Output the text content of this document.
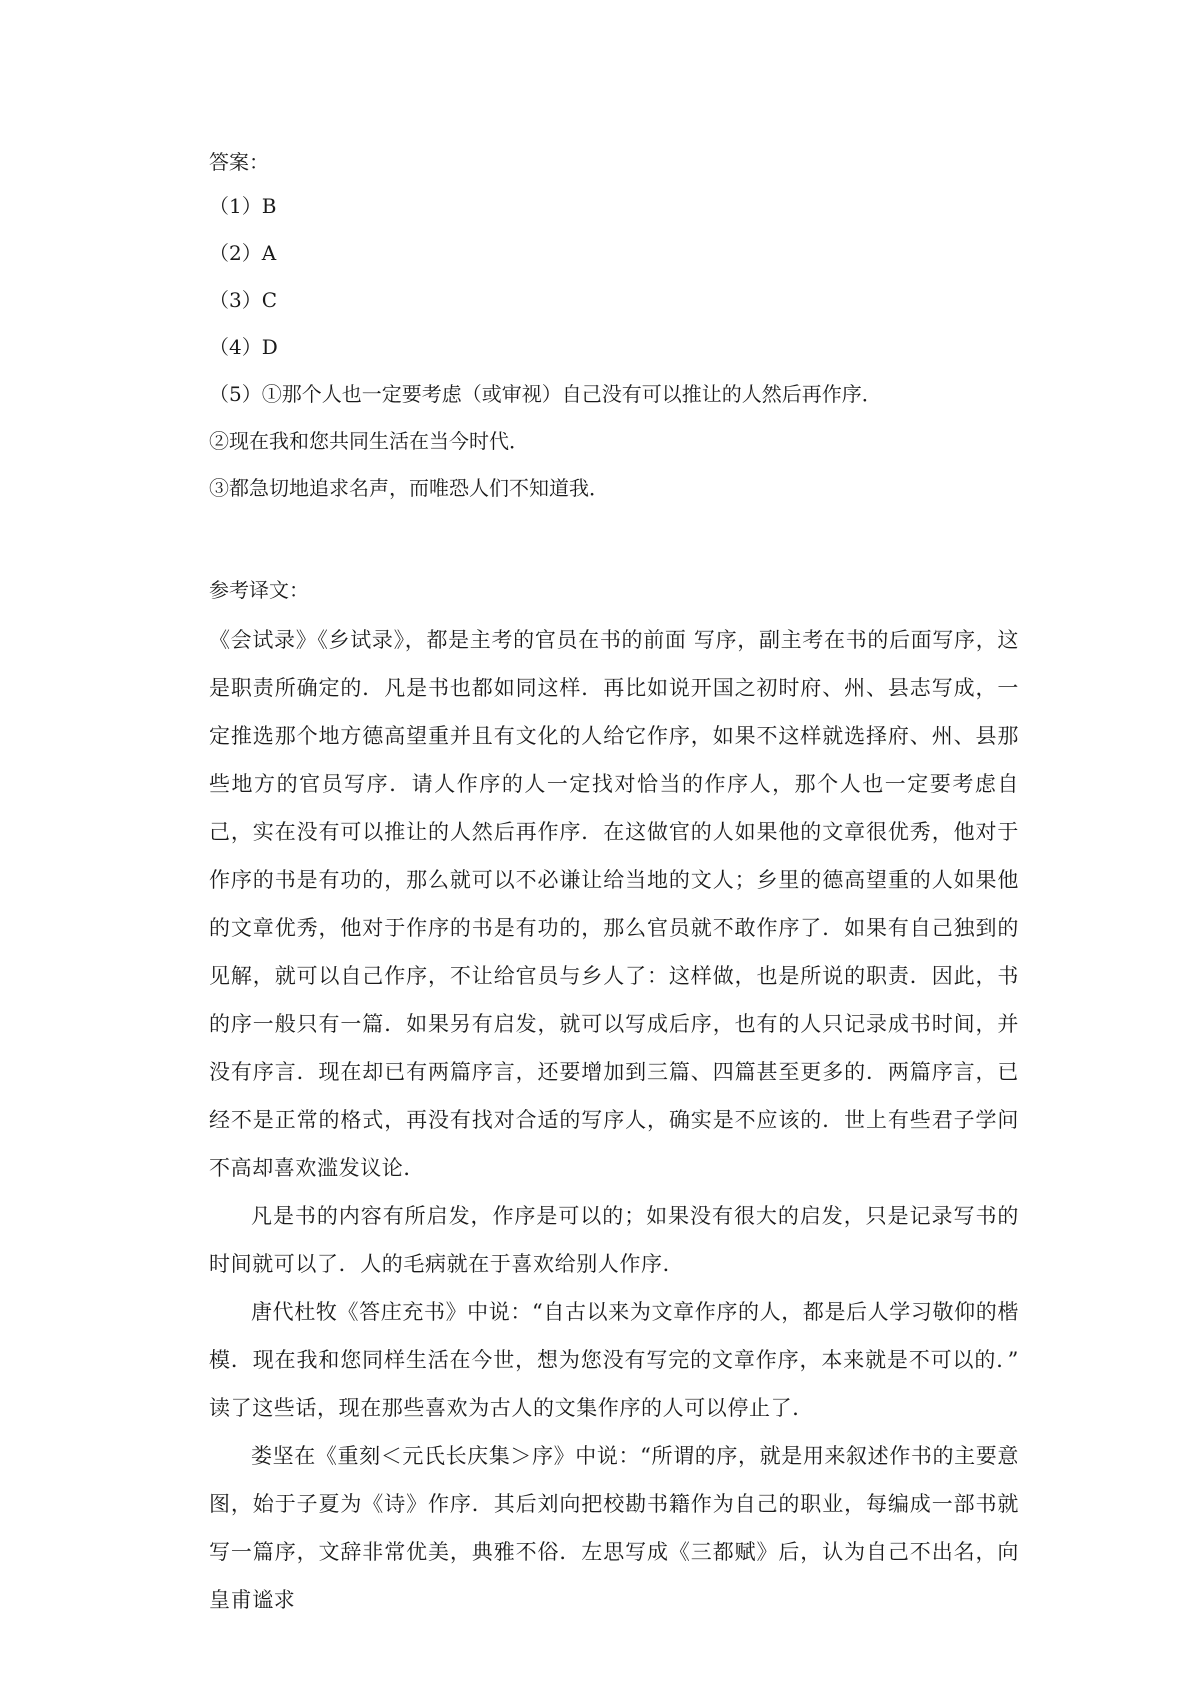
答案：
（1）B
（2）A
（3）C
（4）D
（5）①那个人也一定要考虑（或审视）自己没有可以推让的人然后再作序．
②现在我和您共同生活在当今时代．
③都急切地追求名声，而唯恐人们不知道我．
参考译文：

《会试录》《乡试录》，都是主考的官员在书的前面 写序，副主考在书的后面写序，这是职责所确定的．凡是书也都如同这样．再比如说开国之初时府、州、县志写成，一定推选那个地方德高望重并且有文化的人给它作序，如果不这样就选择府、州、县那些地方的官员写序．请人作序的人一定找对恰当的作序人，那个人也一定要考虑自己，实在没有可以推让的人然后再作序．在这做官的人如果他的文章很优秀，他对于作序的书是有功的，那么就可以不必谦让给当地的文人；乡里的德高望重的人如果他的文章优秀，他对于作序的书是有功的，那么官员就不敢作序了．如果有自己独到的见解，就可以自己作序，不让给官员与乡人了：这样做，也是所说的职责．因此，书的序一般只有一篇．如果另有启发，就可以写成后序，也有的人只记录成书时间，并没有序言．现在却已有两篇序言，还要增加到三篇、四篇甚至更多的．两篇序言，已经不是正常的格式，再没有找对合适的写序人，确实是不应该的．世上有些君子学问不高却喜欢滥发议论．

凡是书的内容有所启发，作序是可以的；如果没有很大的启发，只是记录写书的时间就可以了．人的毛病就在于喜欢给别人作序．

唐代杜牧《答庄充书》中说：“自古以来为文章作序的人，都是后人学习敬仰的楷模．现在我和您同样生活在今世，想为您没有写完的文章作序，本来就是不可以的．” 读了这些话，现在那些喜欢为古人的文集作序的人可以停止了．

娄坚在《重刻＜元氏长庆集＞序》中说：“所谓的序，就是用来叙述作书的主要意图，始于子夏为《诗》作序．其后刘向把校勘书籍作为自己的职业，每编成一部书就写一篇序，文辞非常优美，典雅不俗．左思写成《三都赋》后，认为自己不出名，向皇甫谧求
